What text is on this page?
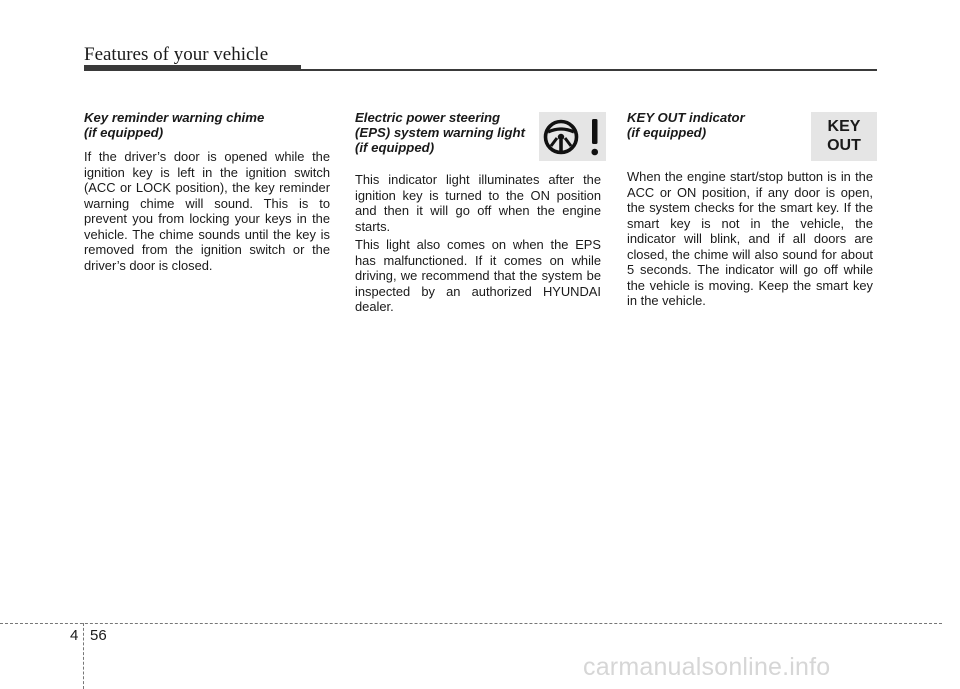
Features of your vehicle
Key reminder warning chime
(if equipped)

If the driver’s door is opened while the ignition key is left in the ignition switch (ACC or LOCK position), the key reminder warning chime will sound. This is to prevent you from locking your keys in the vehicle. The chime sounds until the key is removed from the ignition switch or the driver’s door is closed.

Electric power steering
(EPS) system warning light
(if equipped)

This indicator light illuminates after the ignition key is turned to the ON position and then it will go off when the engine starts.

This light also comes on when the EPS has malfunctioned. If it comes on while driving, we recommend that the system be inspected by an authorized HYUNDAI dealer.

KEY OUT indicator
(if equipped)

When the engine start/stop button is in the ACC or ON position, if any door is open, the system checks for the smart key. If the smart key is not in the vehicle, the indicator will blink, and if all doors are closed, the chime will also sound for about 5 seconds. The indicator will go off while the vehicle is moving. Keep the smart key in the vehicle.

KEY
OUT
4 56
carmanualsonline.info
